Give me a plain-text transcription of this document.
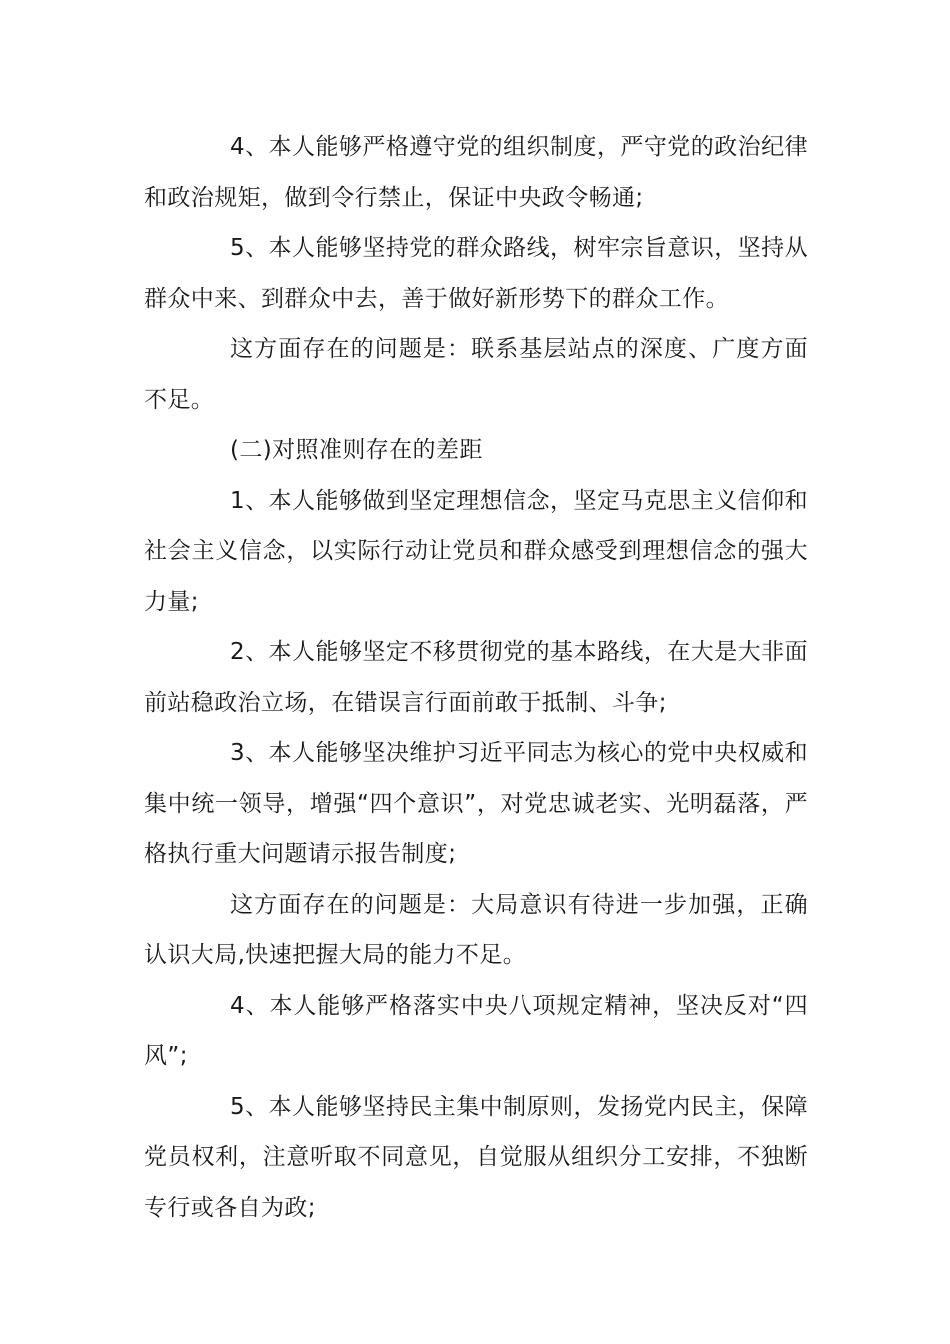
4、本人能够严格遵守党的组织制度，严守党的政治纪律和政治规矩，做到令行禁止，保证中央政令畅通;

5、本人能够坚持党的群众路线，树牢宗旨意识，坚持从群众中来、到群众中去，善于做好新形势下的群众工作。

这方面存在的问题是：联系基层站点的深度、广度方面不足。

(二)对照准则存在的差距

1、本人能够做到坚定理想信念，坚定马克思主义信仰和社会主义信念，以实际行动让党员和群众感受到理想信念的强大力量;

2、本人能够坚定不移贯彻党的基本路线，在大是大非面前站稳政治立场，在错误言行面前敢于抵制、斗争;

3、本人能够坚决维护习近平同志为核心的党中央权威和集中统一领导，增强“四个意识”，对党忠诚老实、光明磊落，严格执行重大问题请示报告制度;

这方面存在的问题是：大局意识有待进一步加强，正确认识大局,快速把握大局的能力不足。

4、本人能够严格落实中央八项规定精神，坚决反对“四风”;

5、本人能够坚持民主集中制原则，发扬党内民主，保障党员权利，注意听取不同意见，自觉服从组织分工安排，不独断专行或各自为政;
